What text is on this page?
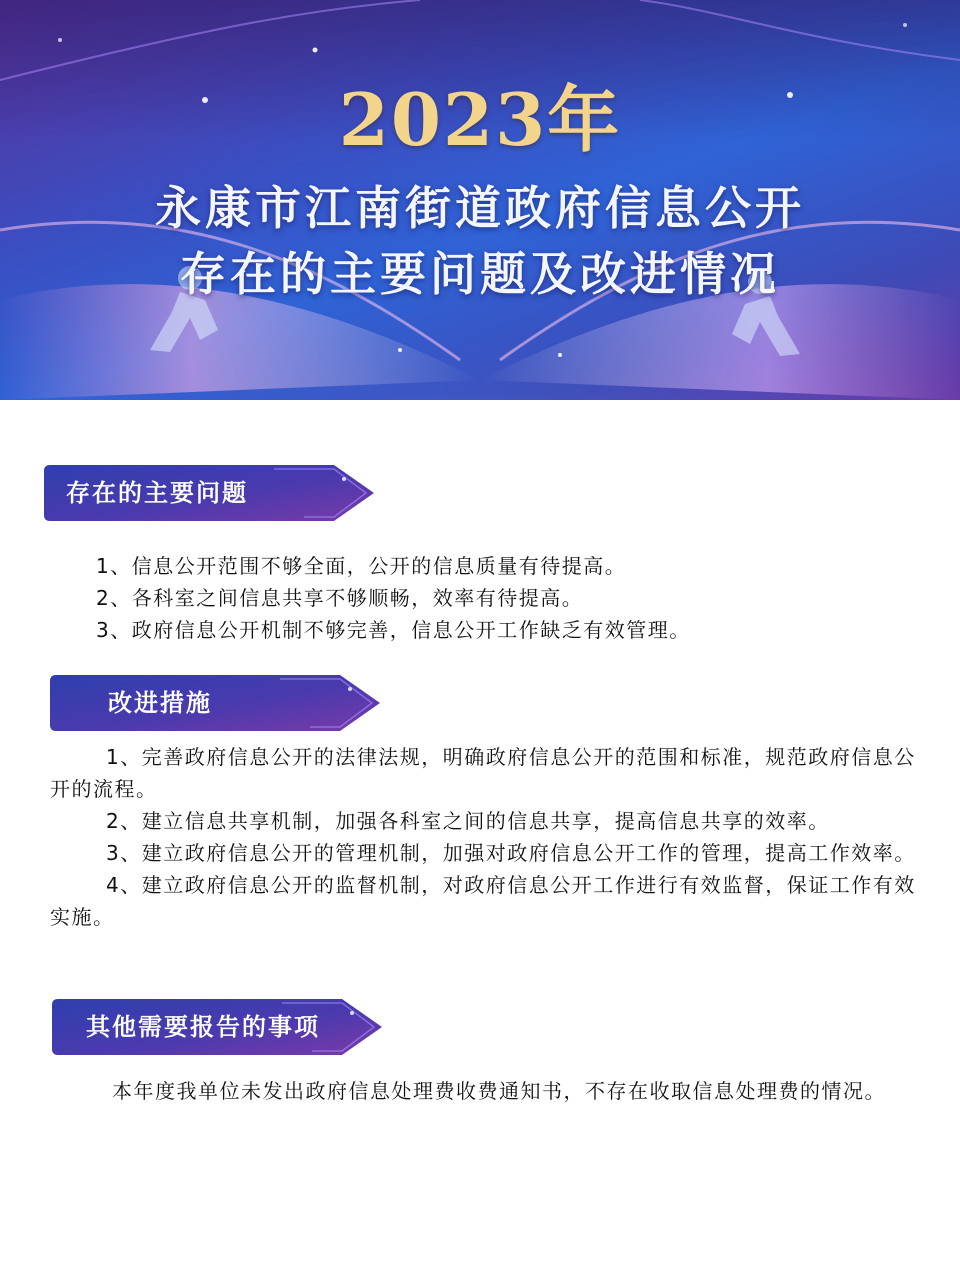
2023年
永康市江南街道政府信息公开
存在的主要问题及改进情况
存在的主要问题

1、信息公开范围不够全面，公开的信息质量有待提高。

2、各科室之间信息共享不够顺畅，效率有待提高。

3、政府信息公开机制不够完善，信息公开工作缺乏有效管理。

改进措施

1、完善政府信息公开的法律法规，明确政府信息公开的范围和标准，规范政府信息公开的流程。

2、建立信息共享机制，加强各科室之间的信息共享，提高信息共享的效率。

3、建立政府信息公开的管理机制，加强对政府信息公开工作的管理，提高工作效率。

4、建立政府信息公开的监督机制，对政府信息公开工作进行有效监督，保证工作有效实施。

其他需要报告的事项

本年度我单位未发出政府信息处理费收费通知书，不存在收取信息处理费的情况。
